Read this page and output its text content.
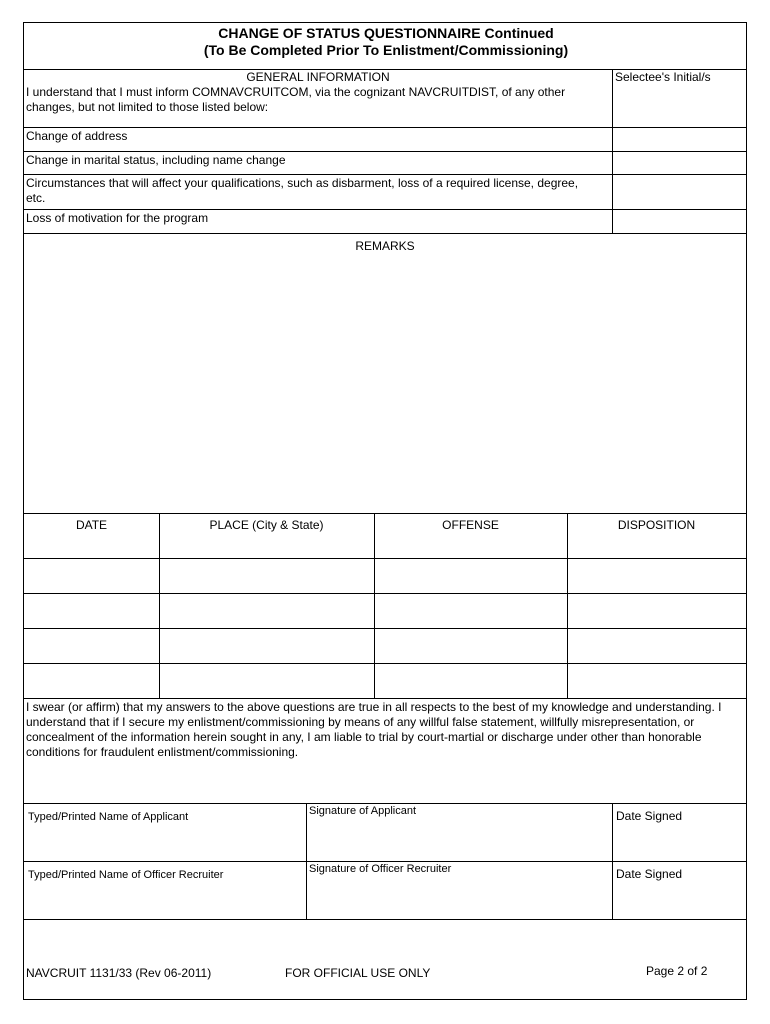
CHANGE OF STATUS QUESTIONNAIRE Continued
(To Be Completed Prior To Enlistment/Commissioning)
GENERAL INFORMATION	Selectee's Initial/s
I understand that I must inform COMNAVCRUITCOM, via the cognizant NAVCRUITDIST, of any other changes, but not limited to those listed below:
Change of address
Change in marital status, including name change
Circumstances that will affect your qualifications, such as disbarment, loss of a required license, degree, etc.
Loss of motivation for the program
REMARKS
DATE	PLACE (City & State)	OFFENSE	DISPOSITION
I swear (or affirm) that my answers to the above questions are true in all respects to the best of my knowledge and understanding. I understand that if I secure my enlistment/commissioning by means of any willful false statement, willfully misrepresentation, or concealment of the information herein sought in any, I am liable to trial by court-martial or discharge under other than honorable conditions for fraudulent enlistment/commissioning.
Typed/Printed Name of Applicant	Signature of Applicant	Date Signed
Typed/Printed Name of Officer Recruiter	Signature of Officer Recruiter	Date Signed
NAVCRUIT 1131/33 (Rev 06-2011)	FOR OFFICIAL USE ONLY	Page 2 of 2
